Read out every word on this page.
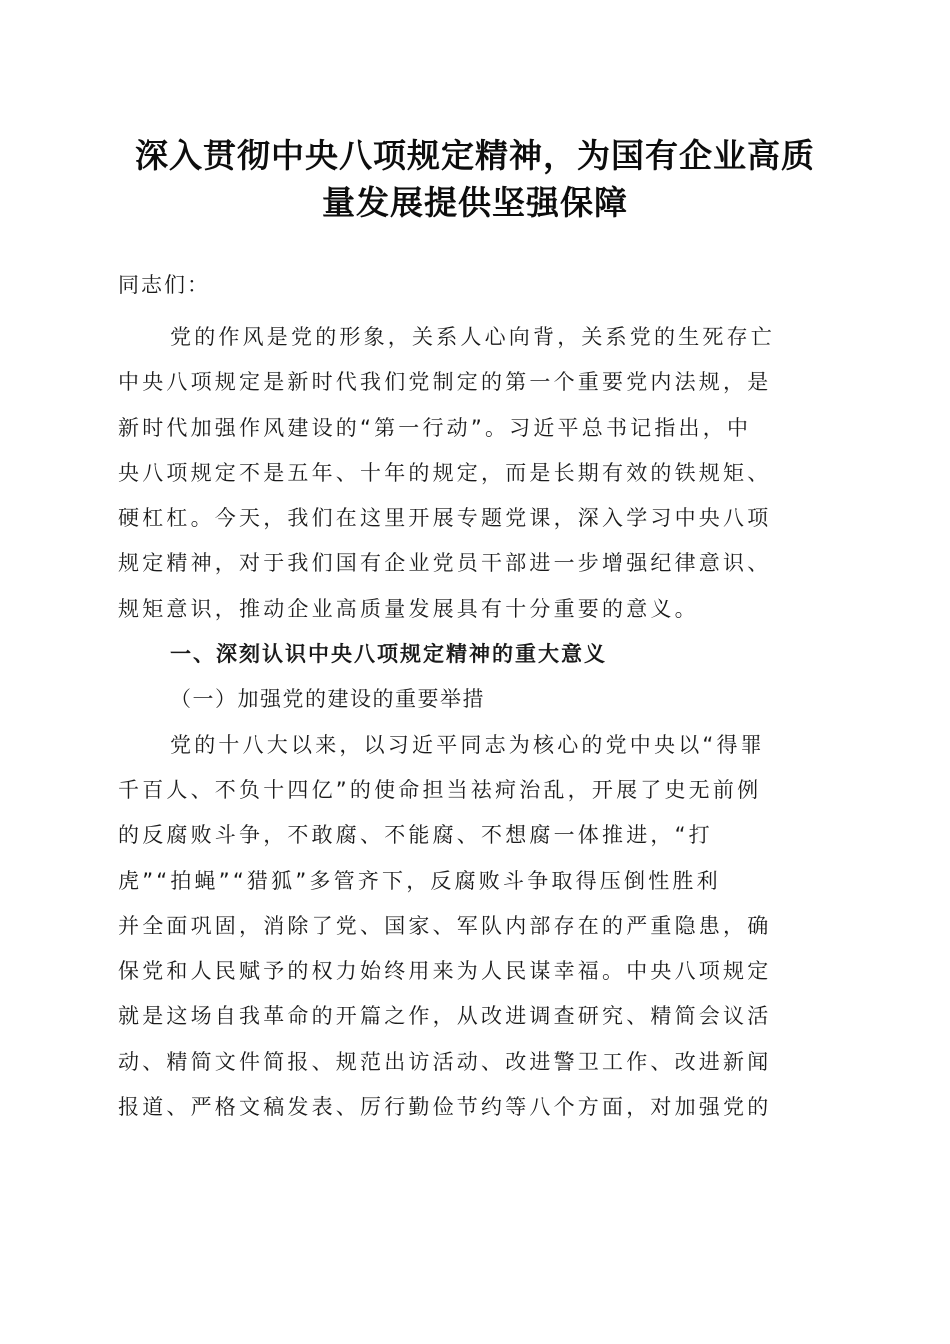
深入贯彻中央八项规定精神，为国有企业高质
量发展提供坚强保障
同志们：
党的作风是党的形象，关系人心向背，关系党的生死存亡
中央八项规定是新时代我们党制定的第一个重要党内法规，是
新时代加强作风建设的“第一行动”。习近平总书记指出，中
央八项规定不是五年、十年的规定，而是长期有效的铁规矩、
硬杠杠。今天，我们在这里开展专题党课，深入学习中央八项
规定精神，对于我们国有企业党员干部进一步增强纪律意识、
规矩意识，推动企业高质量发展具有十分重要的意义。
一、深刻认识中央八项规定精神的重大意义
（一）加强党的建设的重要举措
党的十八大以来，以习近平同志为核心的党中央以“得罪
千百人、不负十四亿”的使命担当祛疴治乱，开展了史无前例
的反腐败斗争，不敢腐、不能腐、不想腐一体推进，“打
虎”“拍蝇”“猎狐”多管齐下，反腐败斗争取得压倒性胜利
并全面巩固，消除了党、国家、军队内部存在的严重隐患，确
保党和人民赋予的权力始终用来为人民谋幸福。中央八项规定
就是这场自我革命的开篇之作，从改进调查研究、精简会议活
动、精简文件简报、规范出访活动、改进警卫工作、改进新闻
报道、严格文稿发表、厉行勤俭节约等八个方面，对加强党的
